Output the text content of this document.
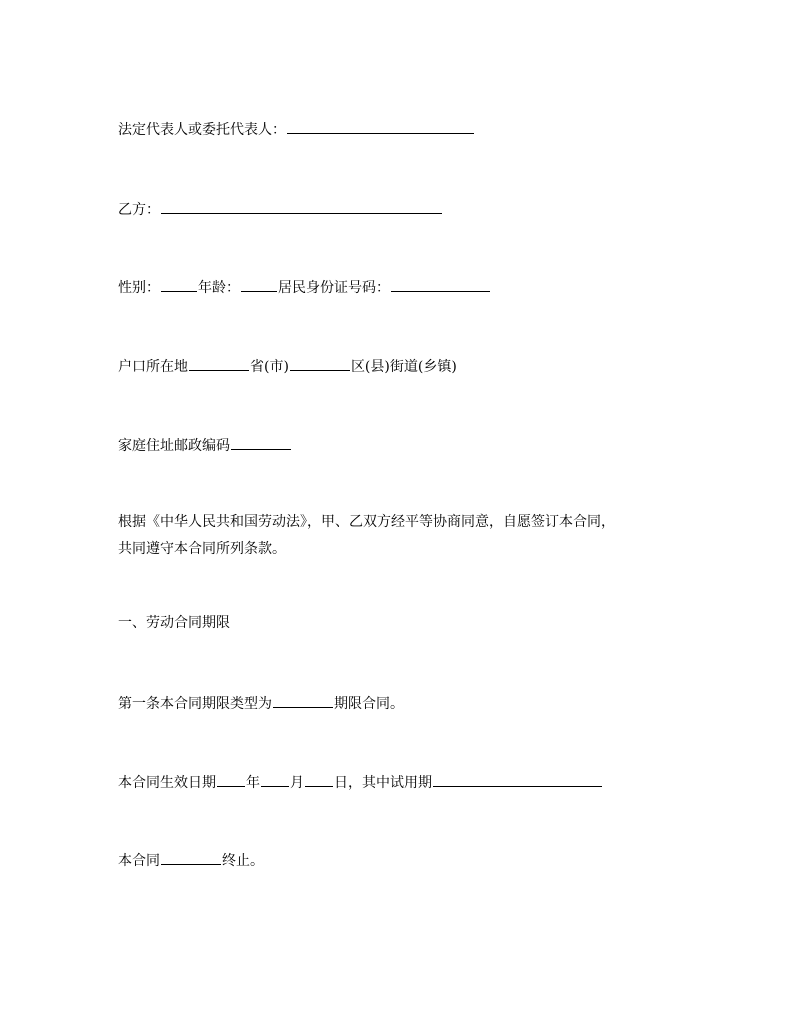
法定代表人或委托代表人：
乙方：
性别：	年龄：	居民身份证号码：
户口所在地	省(市)	区(县)街道(乡镇)
家庭住址邮政编码
根据《中华人民共和国劳动法》，甲、乙双方经平等协商同意，自愿签订本合同，
共同遵守本合同所列条款。
一、劳动合同期限
第一条本合同期限类型为	期限合同。
本合同生效日期 年 月 日，其中试用期
本合同	终止。
